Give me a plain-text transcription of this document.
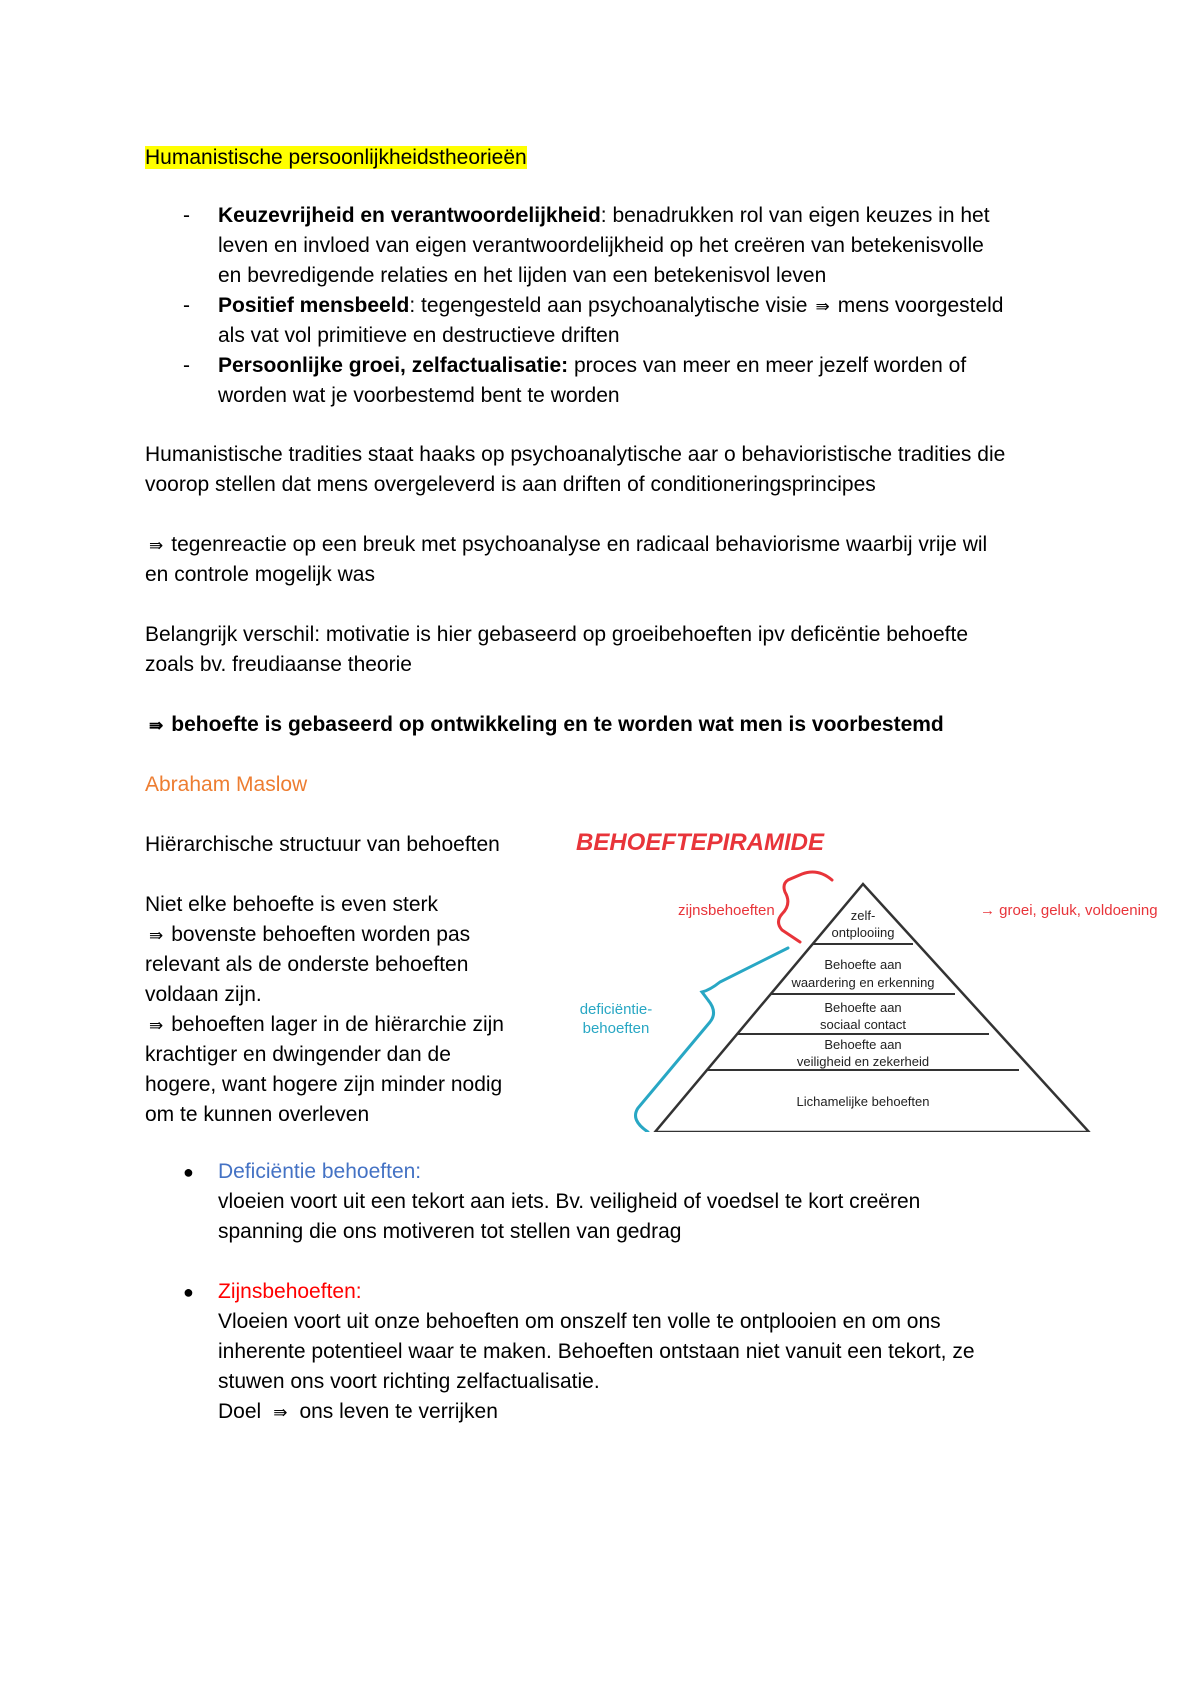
Humanistische persoonlijkheidstheorieën
- Keuzevrijheid en verantwoordelijkheid: benadrukken rol van eigen keuzes in het
leven en invloed van eigen verantwoordelijkheid op het creëren van betekenisvolle
en bevredigende relaties en het lijden van een betekenisvol leven
- Positief mensbeeld: tegengesteld aan psychoanalytische visie ⇛ mens voorgesteld
als vat vol primitieve en destructieve driften
- Persoonlijke groei, zelfactualisatie: proces van meer en meer jezelf worden of
worden wat je voorbestemd bent te worden
Humanistische tradities staat haaks op psychoanalytische aar o behavioristische tradities die
voorop stellen dat mens overgeleverd is aan driften of conditioneringsprincipes
⇛ tegenreactie op een breuk met psychoanalyse en radicaal behaviorisme waarbij vrije wil
en controle mogelijk was
Belangrijk verschil: motivatie is hier gebaseerd op groeibehoeften ipv deficëntie behoefte
zoals bv. freudiaanse theorie
⇛ behoefte is gebaseerd op ontwikkeling en te worden wat men is voorbestemd
Abraham Maslow
Hiërarchische structuur van behoeften
Niet elke behoefte is even sterk
⇛ bovenste behoeften worden pas
relevant als de onderste behoeften
voldaan zijn.
⇛ behoeften lager in de hiërarchie zijn
krachtiger en dwingender dan de
hogere, want hogere zijn minder nodig
om te kunnen overleven
BEHOEFTEPIRAMIDE
zelf-
ontplooiing
Behoefte aan
waardering en erkenning
Behoefte aan
sociaal contact
Behoefte aan
veiligheid en zekerheid
Lichamelijke behoeften
zijnsbehoeften	→ groei, geluk, voldoening
deficiëntie-
behoeften
● Deficiëntie behoeften:
vloeien voort uit een tekort aan iets. Bv. veiligheid of voedsel te kort creëren
spanning die ons motiveren tot stellen van gedrag
● Zijnsbehoeften:
Vloeien voort uit onze behoeften om onszelf ten volle te ontplooien en om ons
inherente potentieel waar te maken. Behoeften ontstaan niet vanuit een tekort, ze
stuwen ons voort richting zelfactualisatie.
Doel ⇛ ons leven te verrijken
